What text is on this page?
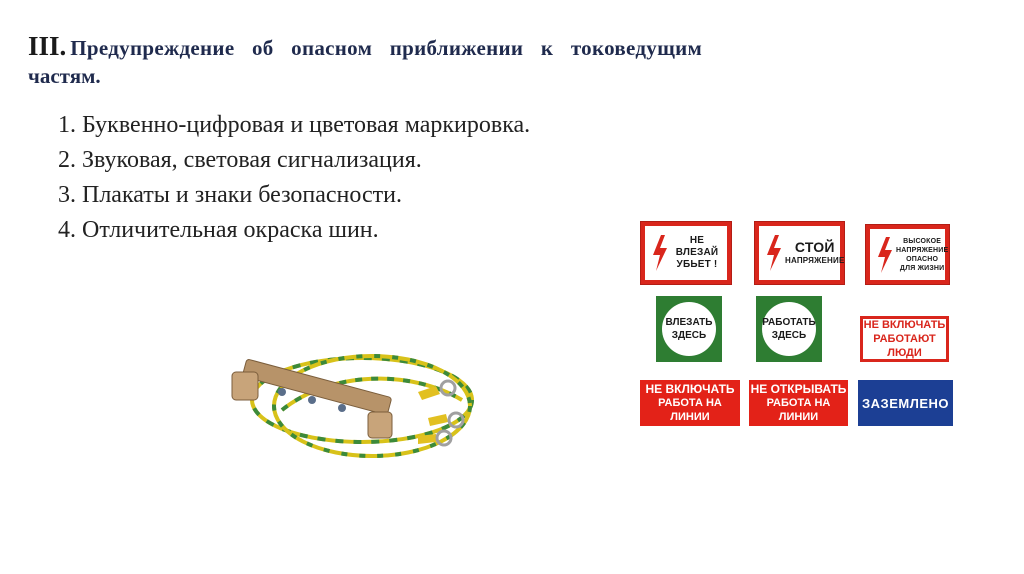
III. Предупреждение об опасном приближении к токоведущим
частям.
1. Буквенно-цифровая и цветовая маркировка.
2. Звуковая, световая сигнализация.
3. Плакаты и знаки безопасности.
4. Отличительная окраска шин.	НЕ ВЛЕЗАЙ
УБЬЕТ !
СТОЙ
НАПРЯЖЕНИЕ
ВЫСОКОЕ
НАПРЯЖЕНИЕ
ОПАСНО
ДЛЯ ЖИЗНИ
ВЛЕЗАТЬ
ЗДЕСЬ
РАБОТАТЬ
ЗДЕСЬ
НЕ ВКЛЮЧАТЬ
РАБОТАЮТ ЛЮДИ
НЕ ВКЛЮЧАТЬ
РАБОТА НА ЛИНИИ
НЕ ОТКРЫВАТЬ
РАБОТА НА ЛИНИИ
ЗАЗЕМЛЕНО
